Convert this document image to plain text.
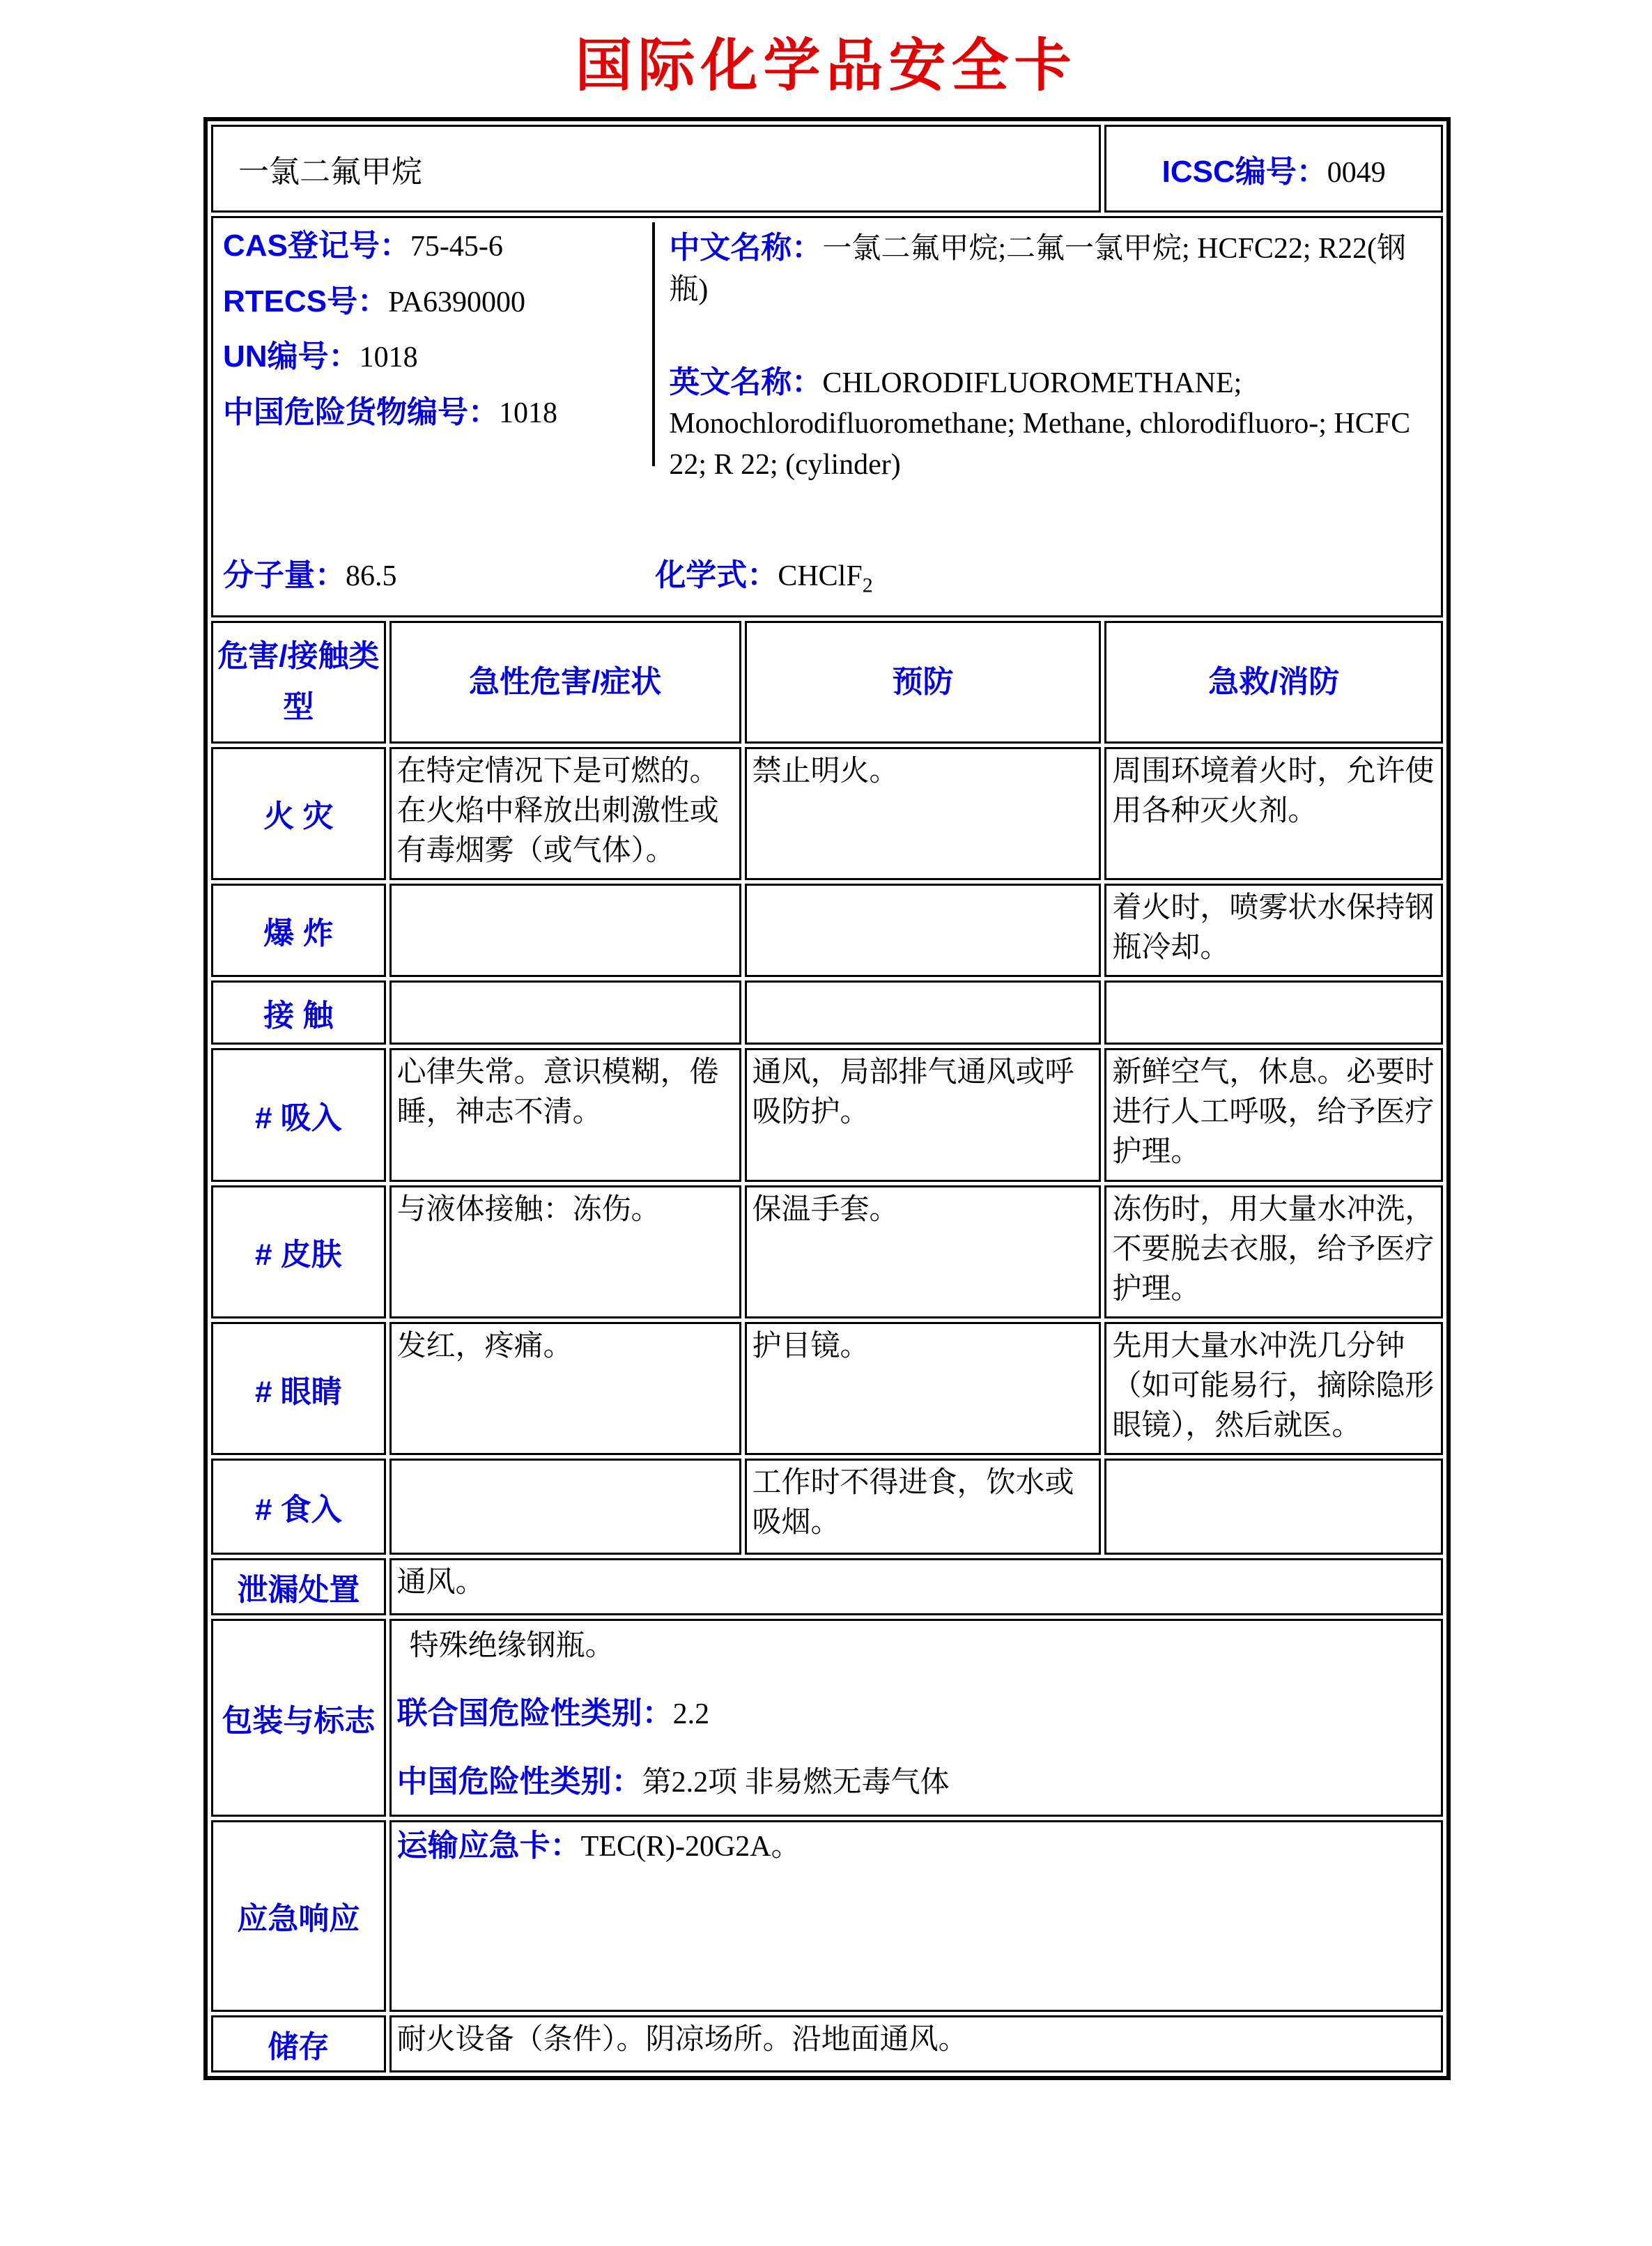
国际化学品安全卡
一氯二氟甲烷			ICSC编号：0049

CAS登记号：75-45-6
RTECS号：PA6390000
UN编号：1018
中国危险货物编号：1018
中文名称：一氯二氟甲烷;二氟一氯甲烷; HCFC22; R22(钢瓶)
英文名称：CHLORODIFLUOROMETHANE; Monochlorodifluoromethane; Methane, chlorodifluoro-; HCFC 22; R 22; (cylinder)
分子量：86.5	化学式：CHClF$_2$

危害/接触类型	急性危害/症状	预防	急救/消防
火 灾	在特定情况下是可燃的。在火焰中释放出刺激性或有毒烟雾（或气体）。	禁止明火。	周围环境着火时，允许使用各种灭火剂。
爆 炸			着火时，喷雾状水保持钢瓶冷却。
接 触			
# 吸入	心律失常。意识模糊，倦睡，神志不清。	通风，局部排气通风或呼吸防护。	新鲜空气，休息。必要时进行人工呼吸，给予医疗护理。
# 皮肤	与液体接触：冻伤。	保温手套。	冻伤时，用大量水冲洗，不要脱去衣服，给予医疗护理。
# 眼睛	发红，疼痛。	护目镜。	先用大量水冲洗几分钟（如可能易行，摘除隐形眼镜），然后就医。
# 食入		工作时不得进食，饮水或吸烟。	
泄漏处置	通风。		
包装与标志	特殊绝缘钢瓶。
联合国危险性类别：2.2
中国危险性类别：第2.2项 非易燃无毒气体		

应急响应	运输应急卡：TEC(R)-20G2A。		
储存	耐火设备（条件）。阴凉场所。沿地面通风。		
